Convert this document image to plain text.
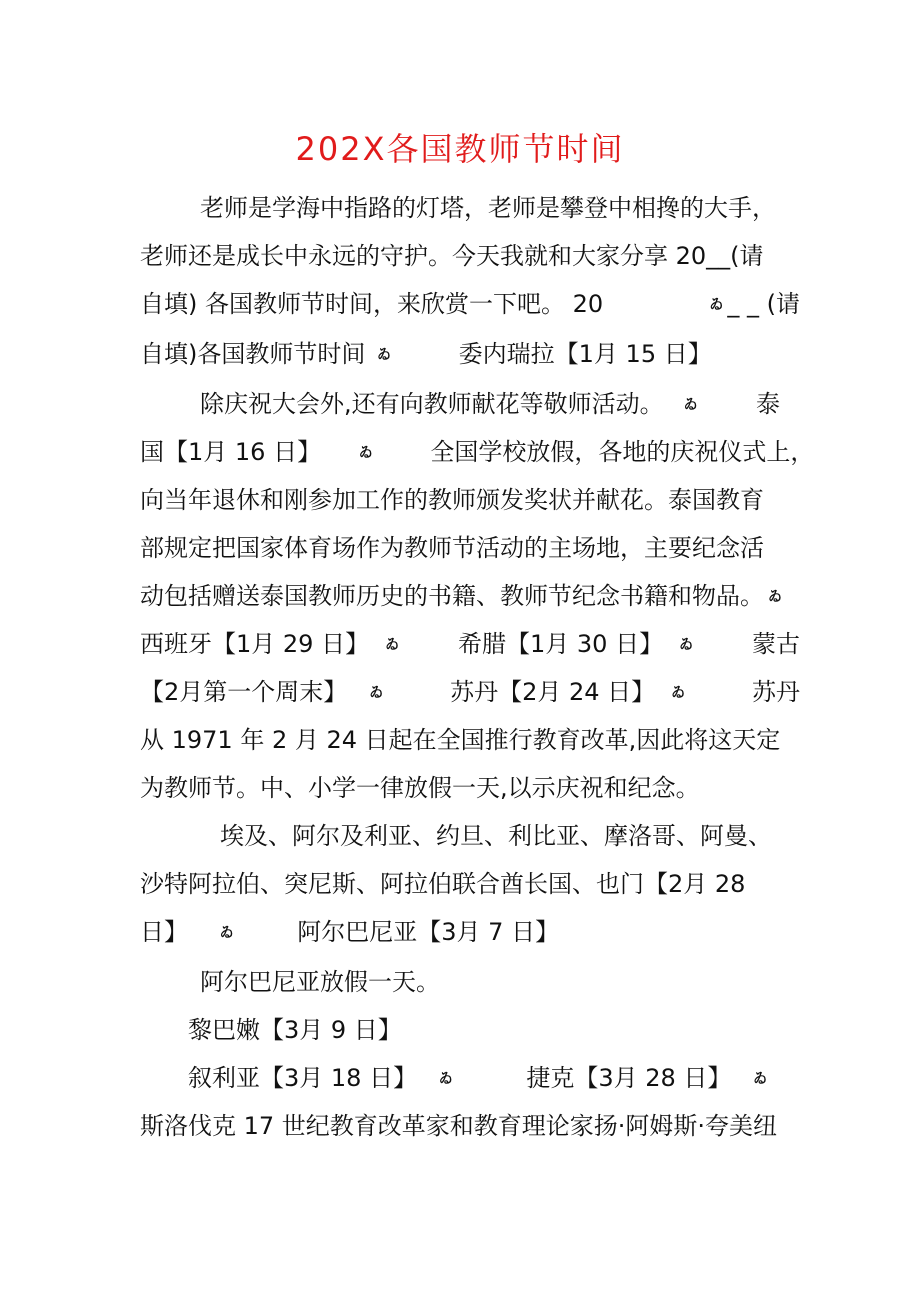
202X各国教师节时间
老师是学海中指路的灯塔，老师是攀登中相搀的大手，
老师还是成长中永远的守护。今天我就和大家分享 20__(请
自填) 各国教师节时间，来欣赏一下吧。 20	ゐ _ _ (请
自填)各国教师节时间 ゐ	委内瑞拉【1月 15 日】
除庆祝大会外,还有向教师献花等敬师活动。 ゐ 泰
国【1月 16 日】	ゐ 全国学校放假，各地的庆祝仪式上，
向当年退休和刚参加工作的教师颁发奖状并献花。泰国教育
部规定把国家体育场作为教师节活动的主场地，主要纪念活
动包括赠送泰国教师历史的书籍、教师节纪念书籍和物品。 ゐ
西班牙【1月 29 日】 ゐ 希腊【1月 30 日】 ゐ 蒙古
【2月第一个周末】 ゐ	苏丹【2月 24 日】 ゐ	苏丹
从 1971 年 2 月 24 日起在全国推行教育改革,因此将这天定
为教师节。中、小学一律放假一天,以示庆祝和纪念。
埃及、阿尔及利亚、约旦、利比亚、摩洛哥、阿曼、
沙特阿拉伯、突尼斯、阿拉伯联合酋长国、也门【2月 28
日】 ゐ	阿尔巴尼亚【3月 7 日】
阿尔巴尼亚放假一天。
黎巴嫩【3月 9 日】
叙利亚【3月 18 日】 ゐ	捷克【3月 28 日】 ゐ
斯洛伐克 17 世纪教育改革家和教育理论家扬·阿姆斯·夸美纽
